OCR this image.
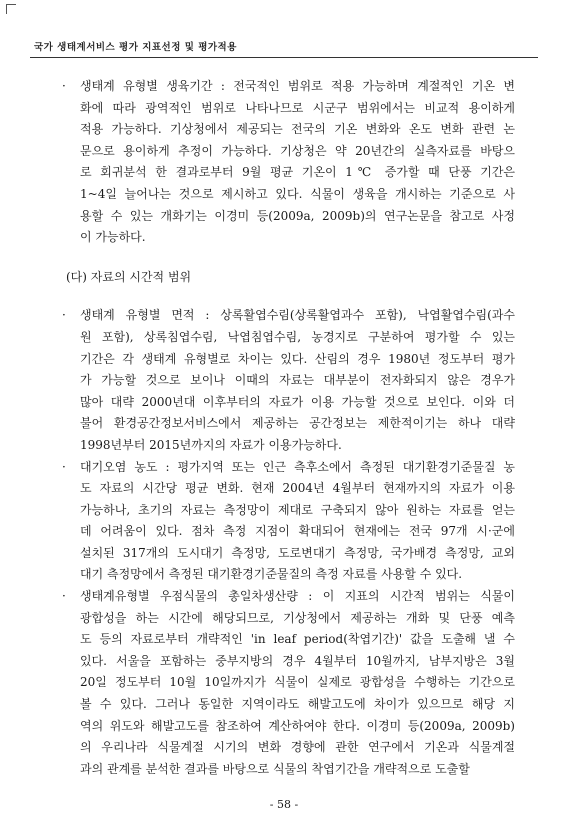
국가 생태계서비스 평가 지표선정 및 평가적용
·	생태계 유형별 생육기간 : 전국적인 범위로 적용 가능하며 계절적인 기온 변
화에 따라 광역적인 범위로 나타나므로 시군구 범위에서는 비교적 용이하게
적용 가능하다. 기상청에서 제공되는 전국의 기온 변화와 온도 변화 관련 논
문으로 용이하게 추정이 가능하다. 기상청은 약 20년간의 실측자료를 바탕으
로 회귀분석 한 결과로부터 9월 평균 기온이 1℃ 증가할 때 단풍 기간은
1~4일 늘어나는 것으로 제시하고 있다. 식물이 생육을 개시하는 기준으로 사
용할 수 있는 개화기는 이경미 등(2009a, 2009b)의 연구논문을 참고로 사정
이 가능하다.
(다) 자료의 시간적 범위
·	생태계 유형별 면적 : 상록활엽수림(상록활엽과수 포함), 낙엽활엽수림(과수
원 포함), 상록침엽수림, 낙엽침엽수림, 농경지로 구분하여 평가할 수 있는
기간은 각 생태계 유형별로 차이는 있다. 산림의 경우 1980년 정도부터 평가
가 가능할 것으로 보이나 이때의 자료는 대부분이 전자화되지 않은 경우가
많아 대략 2000년대 이후부터의 자료가 이용 가능할 것으로 보인다. 이와 더
불어 환경공간정보서비스에서 제공하는 공간정보는 제한적이기는 하나 대략
1998년부터 2015년까지의 자료가 이용가능하다.
·	대기오염 농도 : 평가지역 또는 인근 측후소에서 측정된 대기환경기준물질 농
도 자료의 시간당 평균 변화. 현재 2004년 4월부터 현재까지의 자료가 이용
가능하나, 초기의 자료는 측정망이 제대로 구축되지 않아 원하는 자료를 얻는
데 어려움이 있다. 점차 측정 지점이 확대되어 현재에는 전국 97개 시·군에
설치된 317개의 도시대기 측정망, 도로변대기 측정망, 국가배경 측정망, 교외
대기 측정망에서 측정된 대기환경기준물질의 측정 자료를 사용할 수 있다.
·	생태계유형별 우점식물의 총일차생산량 : 이 지표의 시간적 범위는 식물이
광합성을 하는 시간에 해당되므로, 기상청에서 제공하는 개화 및 단풍 예측
도 등의 자료로부터 개략적인 'in leaf period(착엽기간)' 값을 도출해 낼 수
있다. 서울을 포함하는 중부지방의 경우 4월부터 10월까지, 남부지방은 3월
20일 정도부터 10월 10일까지가 식물이 실제로 광합성을 수행하는 기간으로
볼 수 있다. 그러나 동일한 지역이라도 해발고도에 차이가 있으므로 해당 지
역의 위도와 해발고도를 참조하여 계산하여야 한다. 이경미 등(2009a, 2009b)
의 우리나라 식물계절 시기의 변화 경향에 관한 연구에서 기온과 식물계절
과의 관계를 분석한 결과를 바탕으로 식물의 착엽기간을 개략적으로 도출할
- 58 -
